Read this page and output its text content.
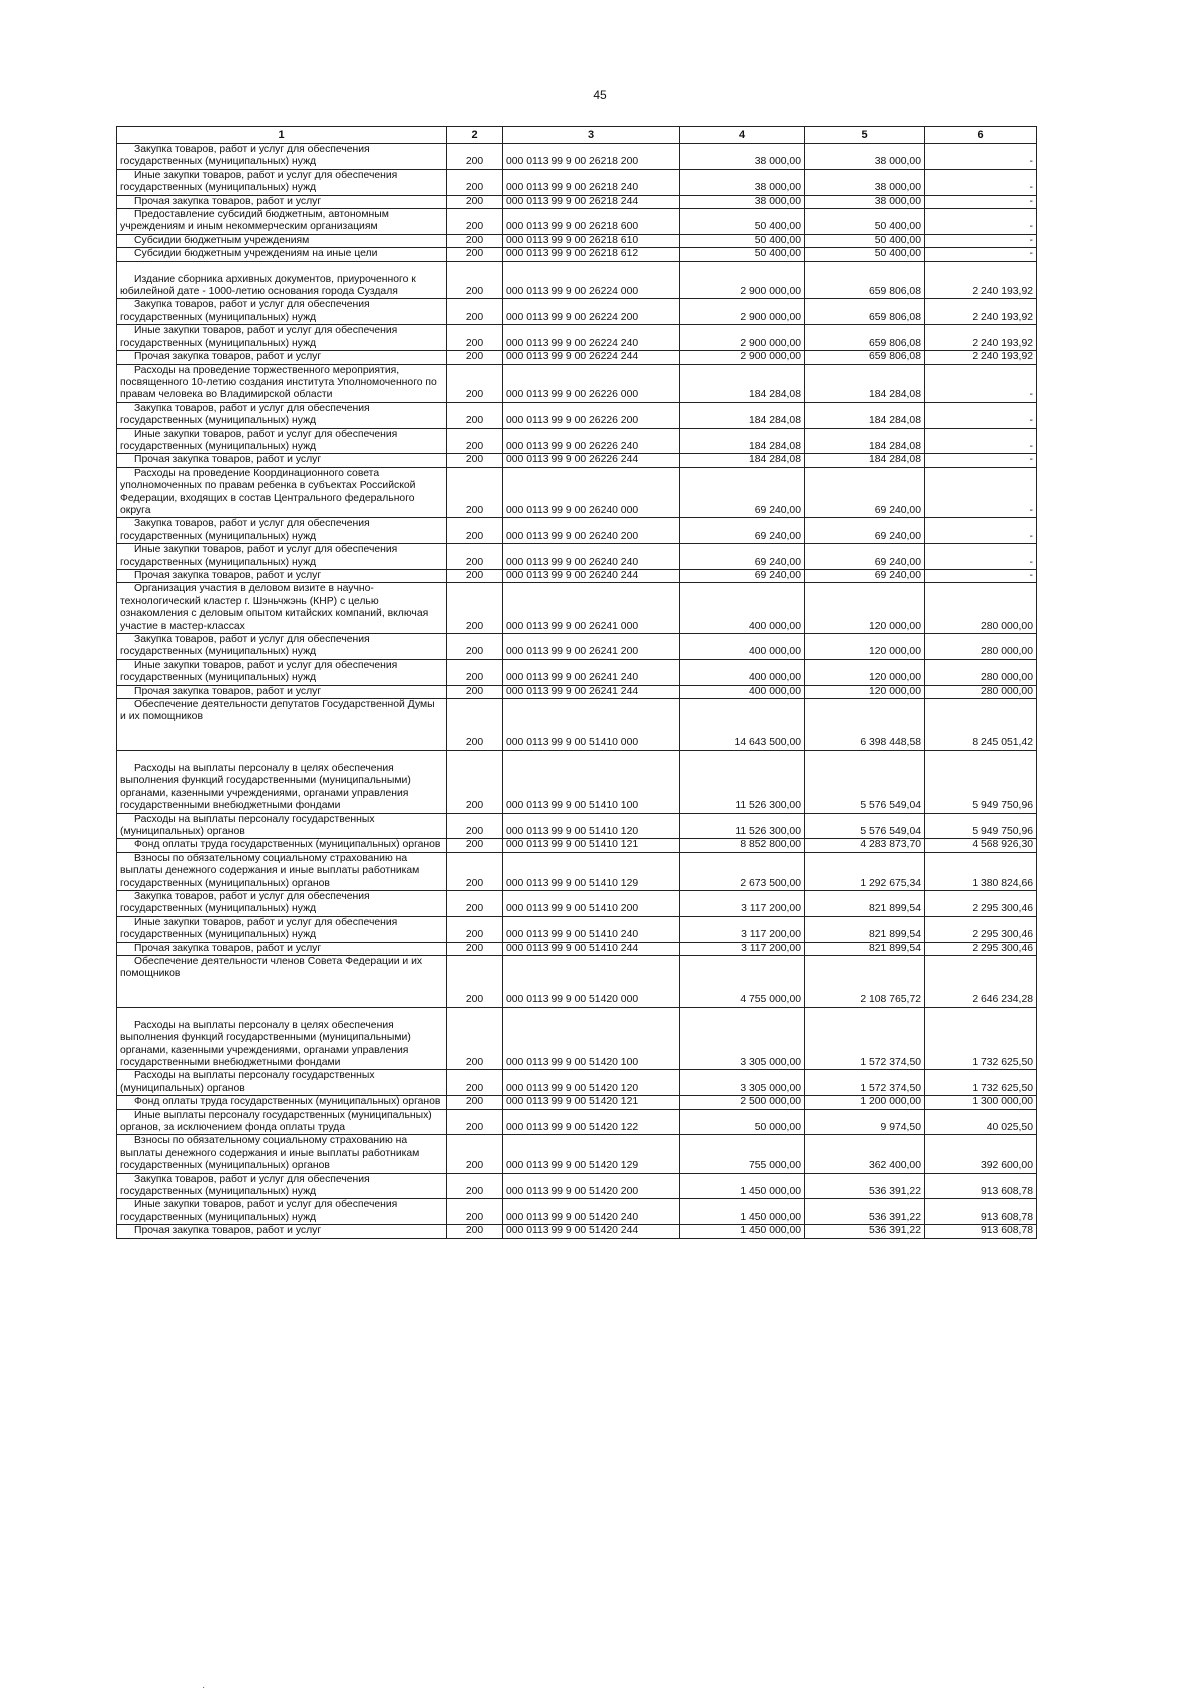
45
1	2	3	4	5	6
Закупка товаров, работ и услуг для обеспечения государственных (муниципальных) нужд	200	000 0113 99 9 00 26218 200	38 000,00	38 000,00	-
Иные закупки товаров, работ и услуг для обеспечения государственных (муниципальных) нужд	200	000 0113 99 9 00 26218 240	38 000,00	38 000,00	-
Прочая закупка товаров, работ и услуг	200	000 0113 99 9 00 26218 244	38 000,00	38 000,00	-
Предоставление субсидий бюджетным, автономным учреждениям и иным некоммерческим организациям	200	000 0113 99 9 00 26218 600	50 400,00	50 400,00	-
Субсидии бюджетным учреждениям	200	000 0113 99 9 00 26218 610	50 400,00	50 400,00	-
Субсидии бюджетным учреждениям на иные цели	200	000 0113 99 9 00 26218 612	50 400,00	50 400,00	-
Издание сборника архивных документов, приуроченного к юбилейной дате - 1000-летию основания города Суздаля	200	000 0113 99 9 00 26224 000	2 900 000,00	659 806,08	2 240 193,92
Закупка товаров, работ и услуг для обеспечения государственных (муниципальных) нужд	200	000 0113 99 9 00 26224 200	2 900 000,00	659 806,08	2 240 193,92
Иные закупки товаров, работ и услуг для обеспечения государственных (муниципальных) нужд	200	000 0113 99 9 00 26224 240	2 900 000,00	659 806,08	2 240 193,92
Прочая закупка товаров, работ и услуг	200	000 0113 99 9 00 26224 244	2 900 000,00	659 806,08	2 240 193,92
Расходы на проведение торжественного мероприятия, посвященного 10-летию создания института Уполномоченного по правам человека во Владимирской области	200	000 0113 99 9 00 26226 000	184 284,08	184 284,08	-
Закупка товаров, работ и услуг для обеспечения государственных (муниципальных) нужд	200	000 0113 99 9 00 26226 200	184 284,08	184 284,08	-
Иные закупки товаров, работ и услуг для обеспечения государственных (муниципальных) нужд	200	000 0113 99 9 00 26226 240	184 284,08	184 284,08	-
Прочая закупка товаров, работ и услуг	200	000 0113 99 9 00 26226 244	184 284,08	184 284,08	-
Расходы на проведение Координационного совета уполномоченных по правам ребенка в субъектах Российской Федерации, входящих в состав Центрального федерального округа	200	000 0113 99 9 00 26240 000	69 240,00	69 240,00	-
Закупка товаров, работ и услуг для обеспечения государственных (муниципальных) нужд	200	000 0113 99 9 00 26240 200	69 240,00	69 240,00	-
Иные закупки товаров, работ и услуг для обеспечения государственных (муниципальных) нужд	200	000 0113 99 9 00 26240 240	69 240,00	69 240,00	-
Прочая закупка товаров, работ и услуг	200	000 0113 99 9 00 26240 244	69 240,00	69 240,00	-
Организация участия в деловом визите в научно-технологический кластер г. Шэньчжэнь (КНР) с целью ознакомления с деловым опытом китайских компаний, включая участие в мастер-классах	200	000 0113 99 9 00 26241 000	400 000,00	120 000,00	280 000,00
Закупка товаров, работ и услуг для обеспечения государственных (муниципальных) нужд	200	000 0113 99 9 00 26241 200	400 000,00	120 000,00	280 000,00
Иные закупки товаров, работ и услуг для обеспечения государственных (муниципальных) нужд	200	000 0113 99 9 00 26241 240	400 000,00	120 000,00	280 000,00
Прочая закупка товаров, работ и услуг	200	000 0113 99 9 00 26241 244	400 000,00	120 000,00	280 000,00
Обеспечение деятельности депутатов Государственной Думы и их помощников	200	000 0113 99 9 00 51410 000	14 643 500,00	6 398 448,58	8 245 051,42
Расходы на выплаты персоналу в целях обеспечения выполнения функций государственными (муниципальными) органами, казенными учреждениями, органами управления государственными внебюджетными фондами	200	000 0113 99 9 00 51410 100	11 526 300,00	5 576 549,04	5 949 750,96
Расходы на выплаты персоналу государственных (муниципальных) органов	200	000 0113 99 9 00 51410 120	11 526 300,00	5 576 549,04	5 949 750,96
Фонд оплаты труда государственных (муниципальных) органов	200	000 0113 99 9 00 51410 121	8 852 800,00	4 283 873,70	4 568 926,30
Взносы по обязательному социальному страхованию на выплаты денежного содержания и иные выплаты работникам государственных (муниципальных) органов	200	000 0113 99 9 00 51410 129	2 673 500,00	1 292 675,34	1 380 824,66
Закупка товаров, работ и услуг для обеспечения государственных (муниципальных) нужд	200	000 0113 99 9 00 51410 200	3 117 200,00	821 899,54	2 295 300,46
Иные закупки товаров, работ и услуг для обеспечения государственных (муниципальных) нужд	200	000 0113 99 9 00 51410 240	3 117 200,00	821 899,54	2 295 300,46
Прочая закупка товаров, работ и услуг	200	000 0113 99 9 00 51410 244	3 117 200,00	821 899,54	2 295 300,46
Обеспечение деятельности членов Совета Федерации и их помощников	200	000 0113 99 9 00 51420 000	4 755 000,00	2 108 765,72	2 646 234,28
Расходы на выплаты персоналу в целях обеспечения выполнения функций государственными (муниципальными) органами, казенными учреждениями, органами управления государственными внебюджетными фондами	200	000 0113 99 9 00 51420 100	3 305 000,00	1 572 374,50	1 732 625,50
Расходы на выплаты персоналу государственных (муниципальных) органов	200	000 0113 99 9 00 51420 120	3 305 000,00	1 572 374,50	1 732 625,50
Фонд оплаты труда государственных (муниципальных) органов	200	000 0113 99 9 00 51420 121	2 500 000,00	1 200 000,00	1 300 000,00
Иные выплаты персоналу государственных (муниципальных) органов, за исключением фонда оплаты труда	200	000 0113 99 9 00 51420 122	50 000,00	9 974,50	40 025,50
Взносы по обязательному социальному страхованию на выплаты денежного содержания и иные выплаты работникам государственных (муниципальных) органов	200	000 0113 99 9 00 51420 129	755 000,00	362 400,00	392 600,00
Закупка товаров, работ и услуг для обеспечения государственных (муниципальных) нужд	200	000 0113 99 9 00 51420 200	1 450 000,00	536 391,22	913 608,78
Иные закупки товаров, работ и услуг для обеспечения государственных (муниципальных) нужд	200	000 0113 99 9 00 51420 240	1 450 000,00	536 391,22	913 608,78
Прочая закупка товаров, работ и услуг	200	000 0113 99 9 00 51420 244	1 450 000,00	536 391,22	913 608,78
·
